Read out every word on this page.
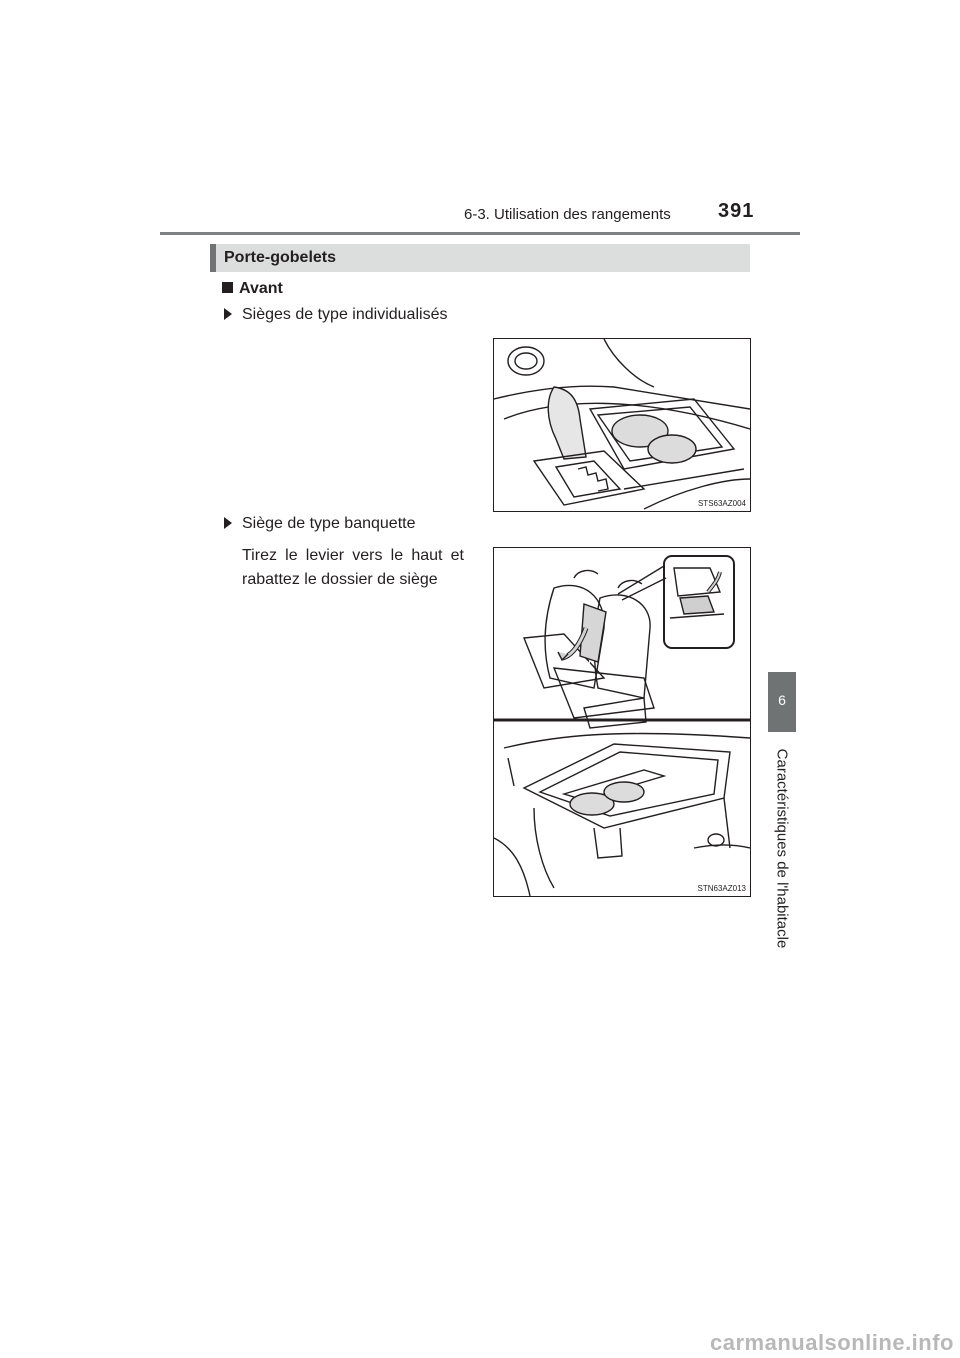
6-3. Utilisation des rangements 391
Porte-gobelets
Avant
Sièges de type individualisés
STS63AZ004
Siège de type banquette
Tirez le levier vers le haut et rabattez le dossier de siège
STN63AZ013
6
Caractéristiques de l'habitacle
carmanualsonline.info
